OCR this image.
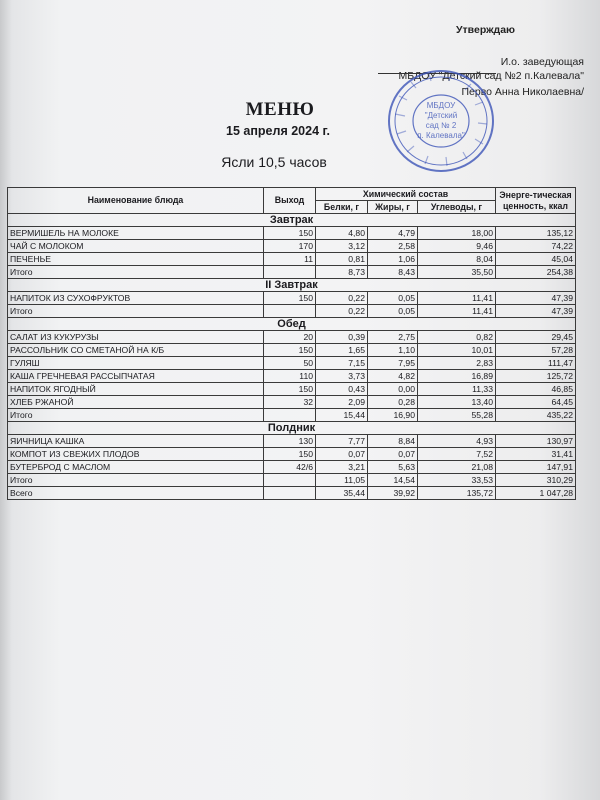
Утверждаю
И.о. заведующая
МБДОУ "Детский сад №2 п.Калевала"
Перво Анна Николаевна/
МБДОУ
"Детский
сад № 2
п. Калевала"
МЕНЮ
15 апреля 2024 г.
Ясли 10,5 часов
Наименование блюда	Выход	Химический состав			Энерге-тическая ценность, ккал
		Белки, г	Жиры, г	Углеводы, г	
Завтрак					
ВЕРМИШЕЛЬ НА МОЛОКЕ	150	4,80	4,79	18,00	135,12
ЧАЙ С МОЛОКОМ	170	3,12	2,58	9,46	74,22
ПЕЧЕНЬЕ	11	0,81	1,06	8,04	45,04
Итого		8,73	8,43	35,50	254,38
II Завтрак					
НАПИТОК ИЗ СУХОФРУКТОВ	150	0,22	0,05	11,41	47,39
Итого		0,22	0,05	11,41	47,39
Обед					
САЛАТ ИЗ КУКУРУЗЫ	20	0,39	2,75	0,82	29,45
РАССОЛЬНИК СО СМЕТАНОЙ НА К/Б	150	1,65	1,10	10,01	57,28
ГУЛЯШ	50	7,15	7,95	2,83	111,47
КАША ГРЕЧНЕВАЯ РАССЫПЧАТАЯ	110	3,73	4,82	16,89	125,72
НАПИТОК ЯГОДНЫЙ	150	0,43	0,00	11,33	46,85
ХЛЕБ РЖАНОЙ	32	2,09	0,28	13,40	64,45
Итого		15,44	16,90	55,28	435,22
Полдник					
ЯИЧНИЦА КАШКА	130	7,77	8,84	4,93	130,97
КОМПОТ ИЗ СВЕЖИХ ПЛОДОВ	150	0,07	0,07	7,52	31,41
БУТЕРБРОД С МАСЛОМ	42/6	3,21	5,63	21,08	147,91
Итого		11,05	14,54	33,53	310,29
Всего		35,44	39,92	135,72	1 047,28
